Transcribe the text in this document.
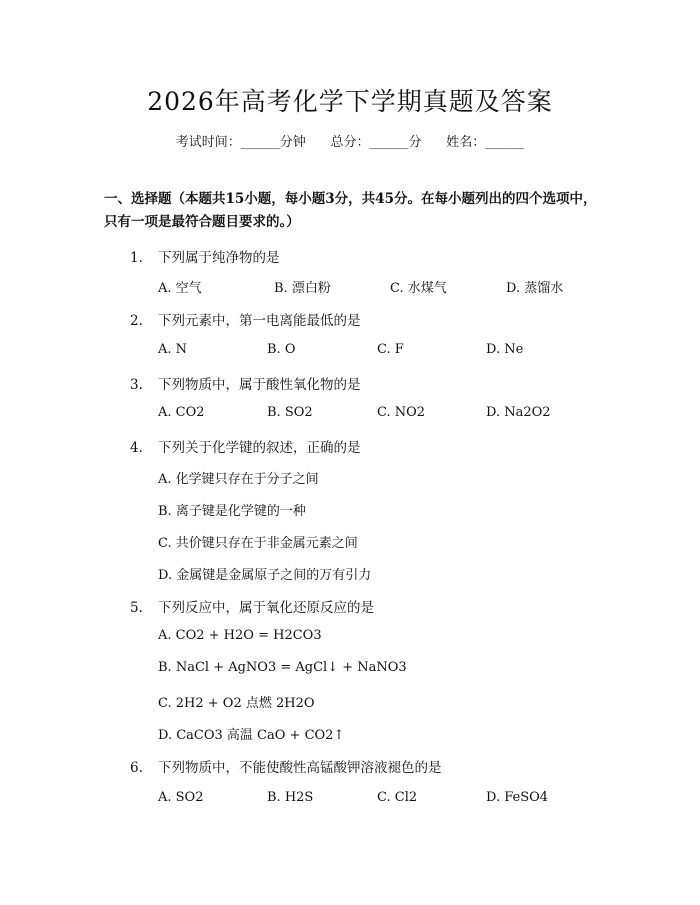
2026年高考化学下学期真题及答案
考试时间：______分钟      总分：______分      姓名：______
一、选择题（本题共15小题，每小题3分，共45分。在每小题列出的四个选项中，只有一项是最符合题目要求的。）
1. 下列属于纯净物的是
A. 空气	B. 漂白粉	C. 水煤气	D. 蒸馏水
2. 下列元素中，第一电离能最低的是
A. N	B. O	C. F	D. Ne
3. 下列物质中，属于酸性氧化物的是
A. CO2	B. SO2	C. NO2	D. Na2O2
4. 下列关于化学键的叙述，正确的是
A. 化学键只存在于分子之间
B. 离子键是化学键的一种
C. 共价键只存在于非金属元素之间
D. 金属键是金属原子之间的万有引力
5. 下列反应中，属于氧化还原反应的是
A. CO2 + H2O = H2CO3
B. NaCl + AgNO3 = AgCl↓ + NaNO3
C. 2H2 + O2 点燃 2H2O
D. CaCO3 高温 CaO + CO2↑
6. 下列物质中，不能使酸性高锰酸钾溶液褪色的是
A. SO2	B. H2S	C. Cl2	D. FeSO4
